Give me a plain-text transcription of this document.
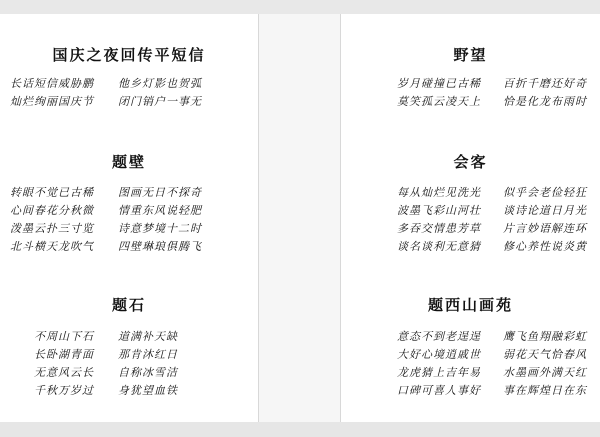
国庆之夜回传平短信
长话短信威胁鹏
灿烂绚丽国庆节
他乡灯影也贺弧
闭门销户一事无
题壁
转眼不觉已古稀
心间春花分秋微
泼墨云扑三寸览
北斗横天龙吹气
图画无日不探奇
情重东风说轻肥
诗意梦境十二时
四壁琳琅俱腾飞
题石
不周山下石
长卧湖青面
无意风云长
千秋万岁过
道满补天缺
那肯沐红日
自称冰雪洁
身犹望血铁
野望
岁月碰撞已古稀
莫笑孤云凌天上
百折千磨还好奇
恰是化龙布雨时
会客
每从灿烂见洗光
波墨飞彩山河壮
多吞交情患芳草
谈名谈利无意猜
似乎会老俭轻狂
谈诗论道日月光
片言妙语解连环
修心养性说炎黄
题西山画苑
意态不到老逞逞
大好心境逍戚世
龙虎猜上吉年易
口碑可喜人事好
鹰飞鱼翔融彩虹
弱花天气恰春风
水墨画外满天红
事在辉煌日在东
